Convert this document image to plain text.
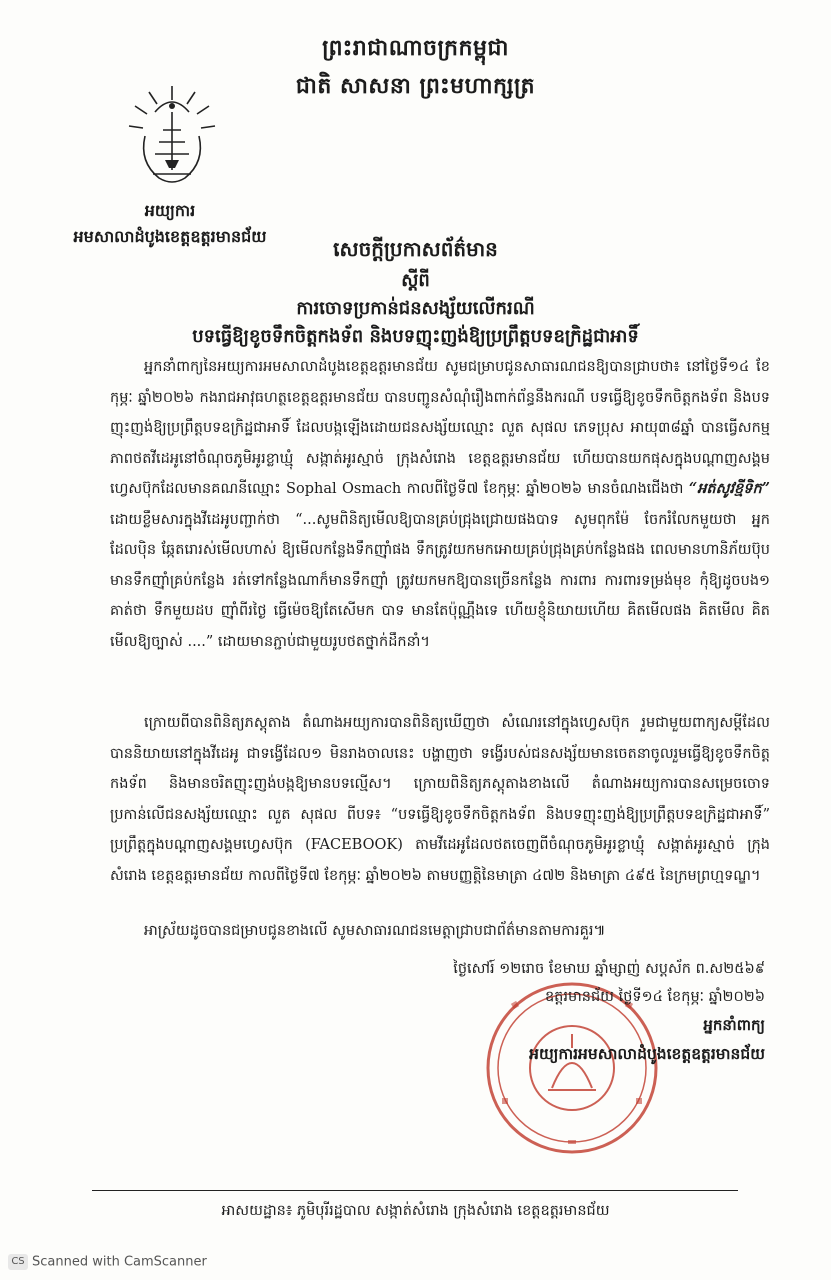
ព្រះរាជាណាចក្រកម្ពុជា
ជាតិ សាសនា ព្រះមហាក្សត្រ
អយ្យការ
អមសាលាដំបូងខេត្តឧត្តរមានជ័យ
សេចក្តីប្រកាសព័ត៌មាន
ស្តីពី
ការចោទប្រកាន់ជនសង្ស័យលើករណី
បទធ្វើឱ្យខូចទឹកចិត្តកងទ័ព និងបទញុះញង់ឱ្យប្រព្រឹត្តបទឧក្រិដ្ឋជាអាទិ៍
អ្នកនាំពាក្យនៃអយ្យការអមសាលាដំបូងខេត្តឧត្តរមានជ័យ សូមជម្រាបជូនសាធារណជនឱ្យបានជ្រាបថា៖ នៅថ្ងៃទី១៤ ខែកុម្ភៈ ឆ្នាំ២០២៦ កងរាជអាវុធហត្ថខេត្តឧត្តរមានជ័យ បានបញ្ជូនសំណុំរឿងពាក់ព័ន្ធនឹងករណី បទធ្វើឱ្យខូចទឹកចិត្តកងទ័ព និងបទញុះញង់ឱ្យប្រព្រឹត្តបទឧក្រិដ្ឋជាអាទិ៍ ដែលបង្កឡើងដោយជនសង្ស័យឈ្មោះ លួត សុផល ភេទប្រុស អាយុ៣៨ឆ្នាំ បានធ្វើសកម្មភាពថតវីដេអូនៅចំណុចភូមិអូរខ្លាឃ្មុំ សង្កាត់អូរស្មាច់ ក្រុងសំរោង ខេត្តឧត្តរមានជ័យ ហើយបានយកផុសក្នុងបណ្តាញសង្គមហ្វេសប៊ុកដែលមានគណនីឈ្មោះ Sophal Osmach កាលពីថ្ងៃទី៧ ខែកុម្ភៈ ឆ្នាំ២០២៦ មានចំណងជើងថា “អត់សូវខ្មីទិក” ដោយខ្លឹមសារក្នុងវីដេអូបញ្ជាក់ថា “...សូមពិនិត្យមើលឱ្យបានគ្រប់ជ្រុងជ្រោយផងបាទ សូមពុកម៉ែ ចែករំលែកមួយថា អ្នកដែលបុិន ឆ្កែតរោរស់មើលហាស់ ឱ្យមើលកន្លែងទឹកញ៉ាំផង ទឹកត្រូវយកមកអោយគ្រប់ជ្រុងគ្រប់កន្លែងផង ពេលមានហានិភ័យប៊ុប មានទឹកញ៉ាំគ្រប់កន្លែង រត់ទៅកន្លែងណាក៏មានទឹកញ៉ាំ ត្រូវយកមកឱ្យបានច្រើនកន្លែង ការពារ ការពារទម្រង់មុខ កុំឱ្យដូចបង១ គាត់ថា ទឹកមួយដប ញ៉ាំពីរថ្ងៃ ធ្វើម៉េចឱ្យតែសើមក បាទ មានតែប៉ុណ្ណឹងទេ ហើយខ្ញុំនិយាយហើយ គិតមើលផង គិតមើល គិតមើលឱ្យច្បាស់ ....” ដោយមានភ្ជាប់ជាមួយរូបថតថ្នាក់ដឹកនាំ។
ក្រោយពីបានពិនិត្យភស្តុតាង តំណាងអយ្យការបានពិនិត្យឃើញថា សំណេរនៅក្នុងហ្វេសប៊ុក រួមជាមួយពាក្យសម្តីដែលបាននិយាយនៅក្នុងវីដេអូ ជាទង្វើដែល១ មិនរាងចាលនេះ បង្ហាញថា ទង្វើរបស់ជនសង្ស័យមានចេតនាចូលរួមធ្វើឱ្យខូចទឹកចិត្តកងទ័ព និងមានចរិតញុះញង់បង្កឱ្យមានបទល្មើស។ ក្រោយពិនិត្យភស្តុតាងខាងលើ តំណាងអយ្យការបានសម្រេចចោទប្រកាន់លើជនសង្ស័យឈ្មោះ លួត សុផល ពីបទ៖ “បទធ្វើឱ្យខូចទឹកចិត្តកងទ័ព និងបទញុះញង់ឱ្យប្រព្រឹត្តបទឧក្រិដ្ឋជាអាទិ៍” ប្រព្រឹត្តក្នុងបណ្តាញសង្គមហ្វេសប៊ុក (FACEBOOK) តាមវីដេអូដែលថតចេញពីចំណុចភូមិអូរខ្លាឃ្មុំ សង្កាត់អូរស្មាច់ ក្រុងសំរោង ខេត្តឧត្តរមានជ័យ កាលពីថ្ងៃទី៧ ខែកុម្ភៈ ឆ្នាំ២០២៦ តាមបញ្ញត្តិនៃមាត្រា ៤៧២ និងមាត្រា ៤៩៥ នៃក្រមព្រហ្មទណ្ឌ។
អាស្រ័យដូចបានជម្រាបជូនខាងលើ សូមសាធារណជនមេត្តាជ្រាបជាព័ត៌មានតាមការគួរ៕
ថ្ងៃសៅរ៍ ១២រោច ខែមាឃ ឆ្នាំម្សាញ់ សប្តស័ក ព.ស២៥៦៩
ឧត្តរមានជ័យ ថ្ងៃទី១៤ ខែកុម្ភៈ ឆ្នាំ២០២៦
អ្នកនាំពាក្យ
អយ្យការអមសាលាដំបូងខេត្តឧត្តរមានជ័យ
អាសយដ្ឋាន៖ ភូមិបុរីរដ្ឋបាល សង្កាត់សំរោង ក្រុងសំរោង ខេត្តឧត្តរមានជ័យ
CS Scanned with CamScanner
